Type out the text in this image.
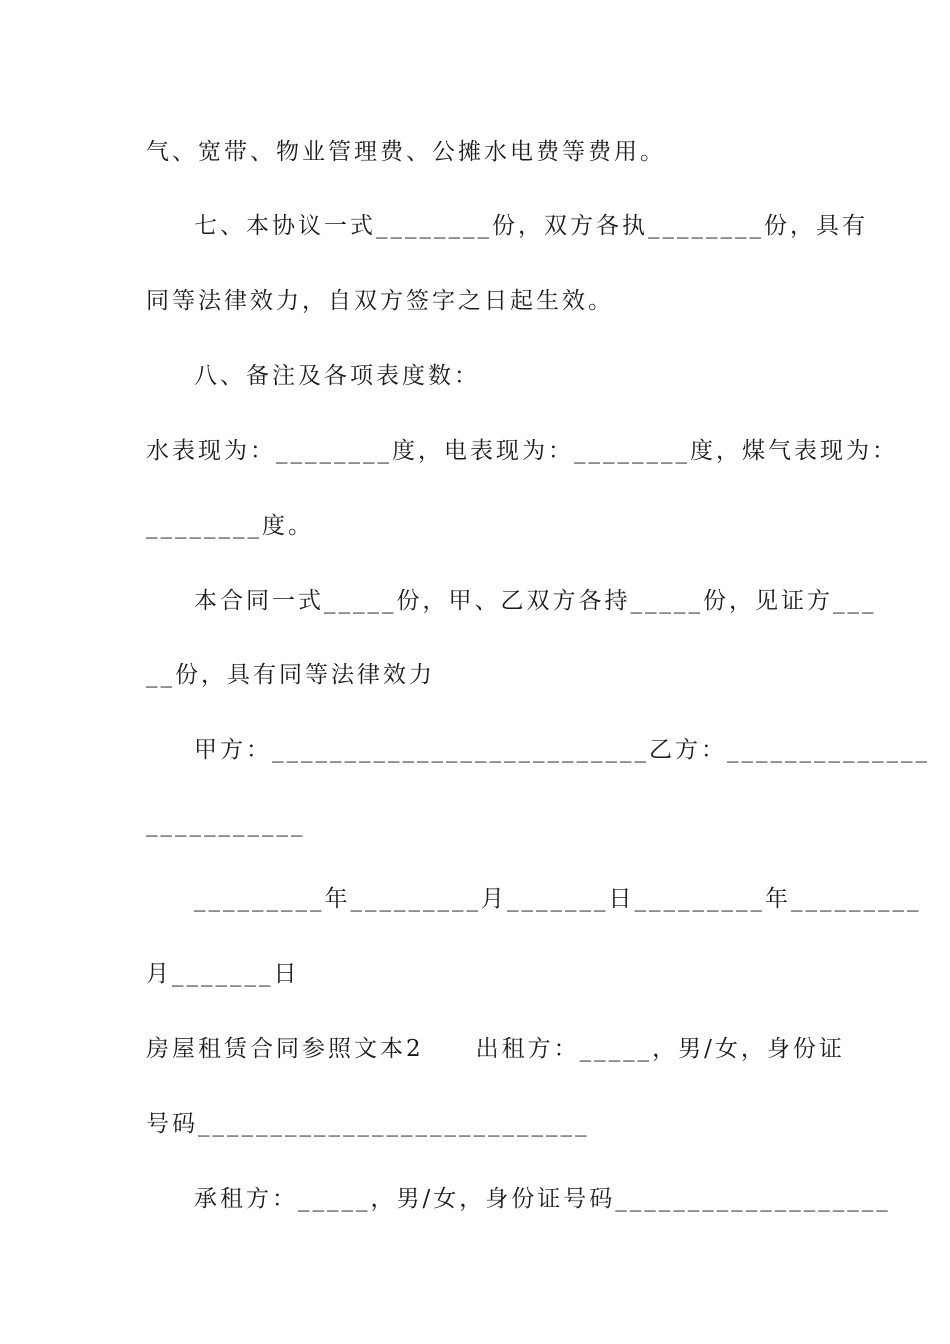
气、宽带、物业管理费、公摊水电费等费用。
七、本协议一式________份，双方各执________份，具有
同等法律效力，自双方签字之日起生效。
八、备注及各项表度数：
水表现为：________度，电表现为：________度，煤气表现为：
________度。
本合同一式_____份，甲、乙双方各持_____份，见证方___
__份，具有同等法律效力
甲方：__________________________乙方：______________
___________
_________年_________月_______日_________年_________
月_______日
房屋租赁合同参照文本2　　出租方：_____，男/女，身份证
号码___________________________
承租方：_____，男/女，身份证号码___________________
